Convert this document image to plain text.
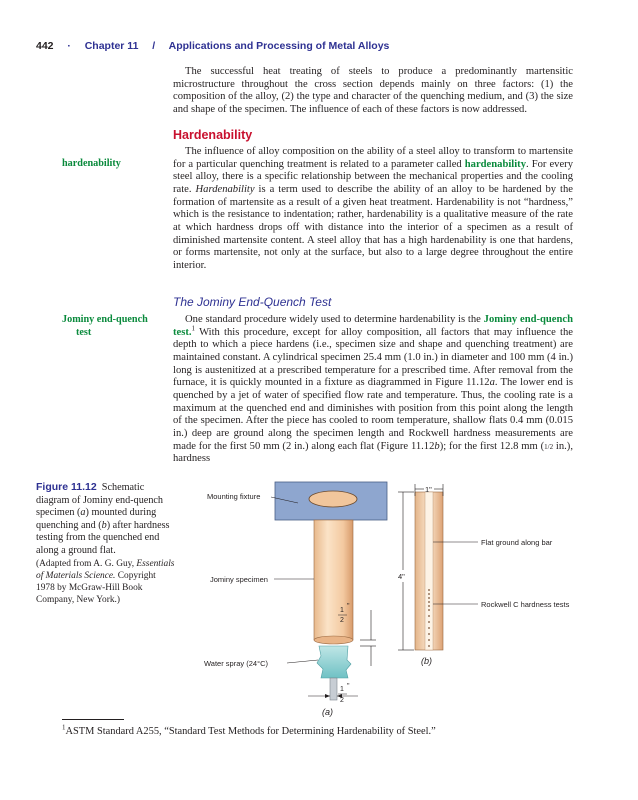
442 · Chapter 11 / Applications and Processing of Metal Alloys

The successful heat treating of steels to produce a predominantly martensitic microstructure throughout the cross section depends mainly on three factors: (1) the composition of the alloy, (2) the type and character of the quenching medium, and (3) the size and shape of the specimen. The influence of each of these factors is now addressed.

Hardenability
hardenability

The influence of alloy composition on the ability of a steel alloy to transform to martensite for a particular quenching treatment is related to a parameter called hardenability. For every steel alloy, there is a specific relationship between the mechanical properties and the cooling rate. Hardenability is a term used to describe the ability of an alloy to be hardened by the formation of martensite as a result of a given heat treatment. Hardenability is not “hardness,” which is the resistance to indentation; rather, hardenability is a qualitative measure of the rate at which hardness drops off with distance into the interior of a specimen as a result of diminished martensite content. A steel alloy that has a high hardenability is one that hardens, or forms martensite, not only at the surface, but also to a large degree throughout the entire interior.

The Jominy End-Quench Test
Jominy end-quench
test

One standard procedure widely used to determine hardenability is the Jominy end-quench test.$^1$ With this procedure, except for alloy composition, all factors that may influence the depth to which a piece hardens (i.e., specimen size and shape and quenching treatment) are maintained constant. A cylindrical specimen 25.4 mm (1.0 in.) in diameter and 100 mm (4 in.) long is austenitized at a prescribed temperature for a prescribed time. After removal from the furnace, it is quickly mounted in a fixture as diagrammed in Figure 11.12a. The lower end is quenched by a jet of water of specified flow rate and temperature. Thus, the cooling rate is a maximum at the quenched end and diminishes with position from this point along the length of the specimen. After the piece has cooled to room temperature, shallow flats 0.4 mm (0.015 in.) deep are ground along the specimen length and Rockwell hardness measurements are made for the first 50 mm (2 in.) along each flat (Figure 11.12b); for the first 12.8 mm (1/2 in.), hardness

Figure 11.12 Schematic diagram of Jominy end-quench specimen (a) mounted during quenching and (b) after hardness testing from the quenched end along a ground flat.
(Adapted from A. G. Guy, Essentials of Materials Science. Copyright 1978 by McGraw-Hill Book Company, New York.)
Mounting fixture
Jominy specimen
Water spray (24°C)
1
2
"
1
2
"
(a)
1"
4"
Flat ground along bar
Rockwell C hardness tests
(b)
$^1$ASTM Standard A255, “Standard Test Methods for Determining Hardenability of Steel.”
